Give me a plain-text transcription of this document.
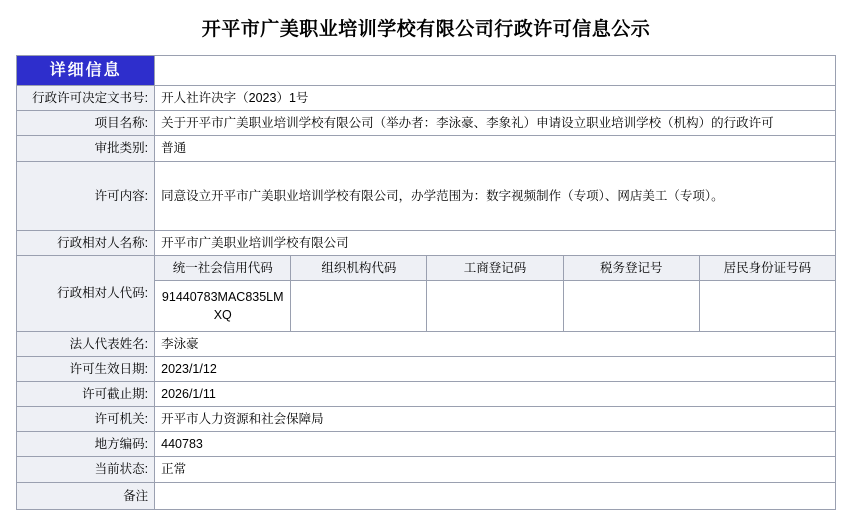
开平市广美职业培训学校有限公司行政许可信息公示
详细信息					
行政许可决定文书号:	开人社许决字（2023）1号				
项目名称:	关于开平市广美职业培训学校有限公司（举办者：李泳豪、李象礼）申请设立职业培训学校（机构）的行政许可				
审批类别:	普通				
许可内容:	同意设立开平市广美职业培训学校有限公司，办学范围为：数字视频制作（专项）、网店美工（专项）。				
行政相对人名称:	开平市广美职业培训学校有限公司				
行政相对人代码:	统一社会信用代码	组织机构代码	工商登记码	税务登记号	居民身份证号码
	91440783MAC835LMXQ				
法人代表姓名:	李泳豪				
许可生效日期:	2023/1/12				
许可截止期:	2026/1/11				
许可机关:	开平市人力资源和社会保障局				
地方编码:	440783				
当前状态:	正常				
备注					
